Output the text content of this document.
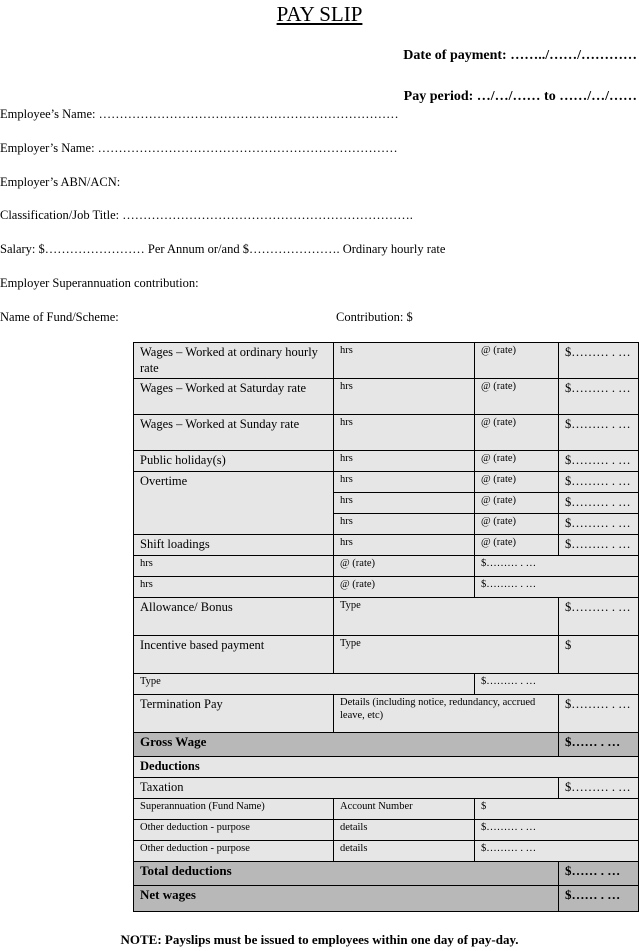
PAY SLIP
Date of payment: ……../……/…………
Pay period: …/…/…… to ……/…/……
Employee’s Name: ………………………………………………………………
Employer’s Name: ………………………………………………………………
Employer’s ABN/ACN:
Classification/Job Title: …………………………………………………………….
Salary: $…………………… Per Annum or/and $…………………. Ordinary hourly rate
Employer Superannuation contribution:
Name of Fund/Scheme:	Contribution: $
Wages – Worked at ordinary hourly rate	hrs	@ (rate)	$……… . …
Wages – Worked at Saturday rate	hrs	@ (rate)	$……… . …
Wages – Worked at Sunday rate	hrs	@ (rate)	$……… . …
Public holiday(s)	hrs	@ (rate)	$……… . …
Overtime	hrs	@ (rate)	$……… . …
	hrs	@ (rate)	$……… . …
	hrs	@ (rate)	$……… . …
Shift loadings	hrs	@ (rate)	$……… . …
hrs	@ (rate)	$……… . …	
hrs	@ (rate)	$……… . …	
Allowance/ Bonus	Type		$……… . …
Incentive based payment	Type		$
Type		$……… . …	
Termination Pay	Details (including notice, redundancy, accrued leave, etc)		$……… . …
Gross Wage			$…… . …
Deductions			
Taxation			$……… . …
Superannuation (Fund Name)	Account Number	$	
Other deduction - purpose	details	$……… . …	
Other deduction - purpose	details	$……… . …	
Total deductions			$…… . …
Net wages			$…… . …
NOTE: Payslips must be issued to employees within one day of pay-day.
